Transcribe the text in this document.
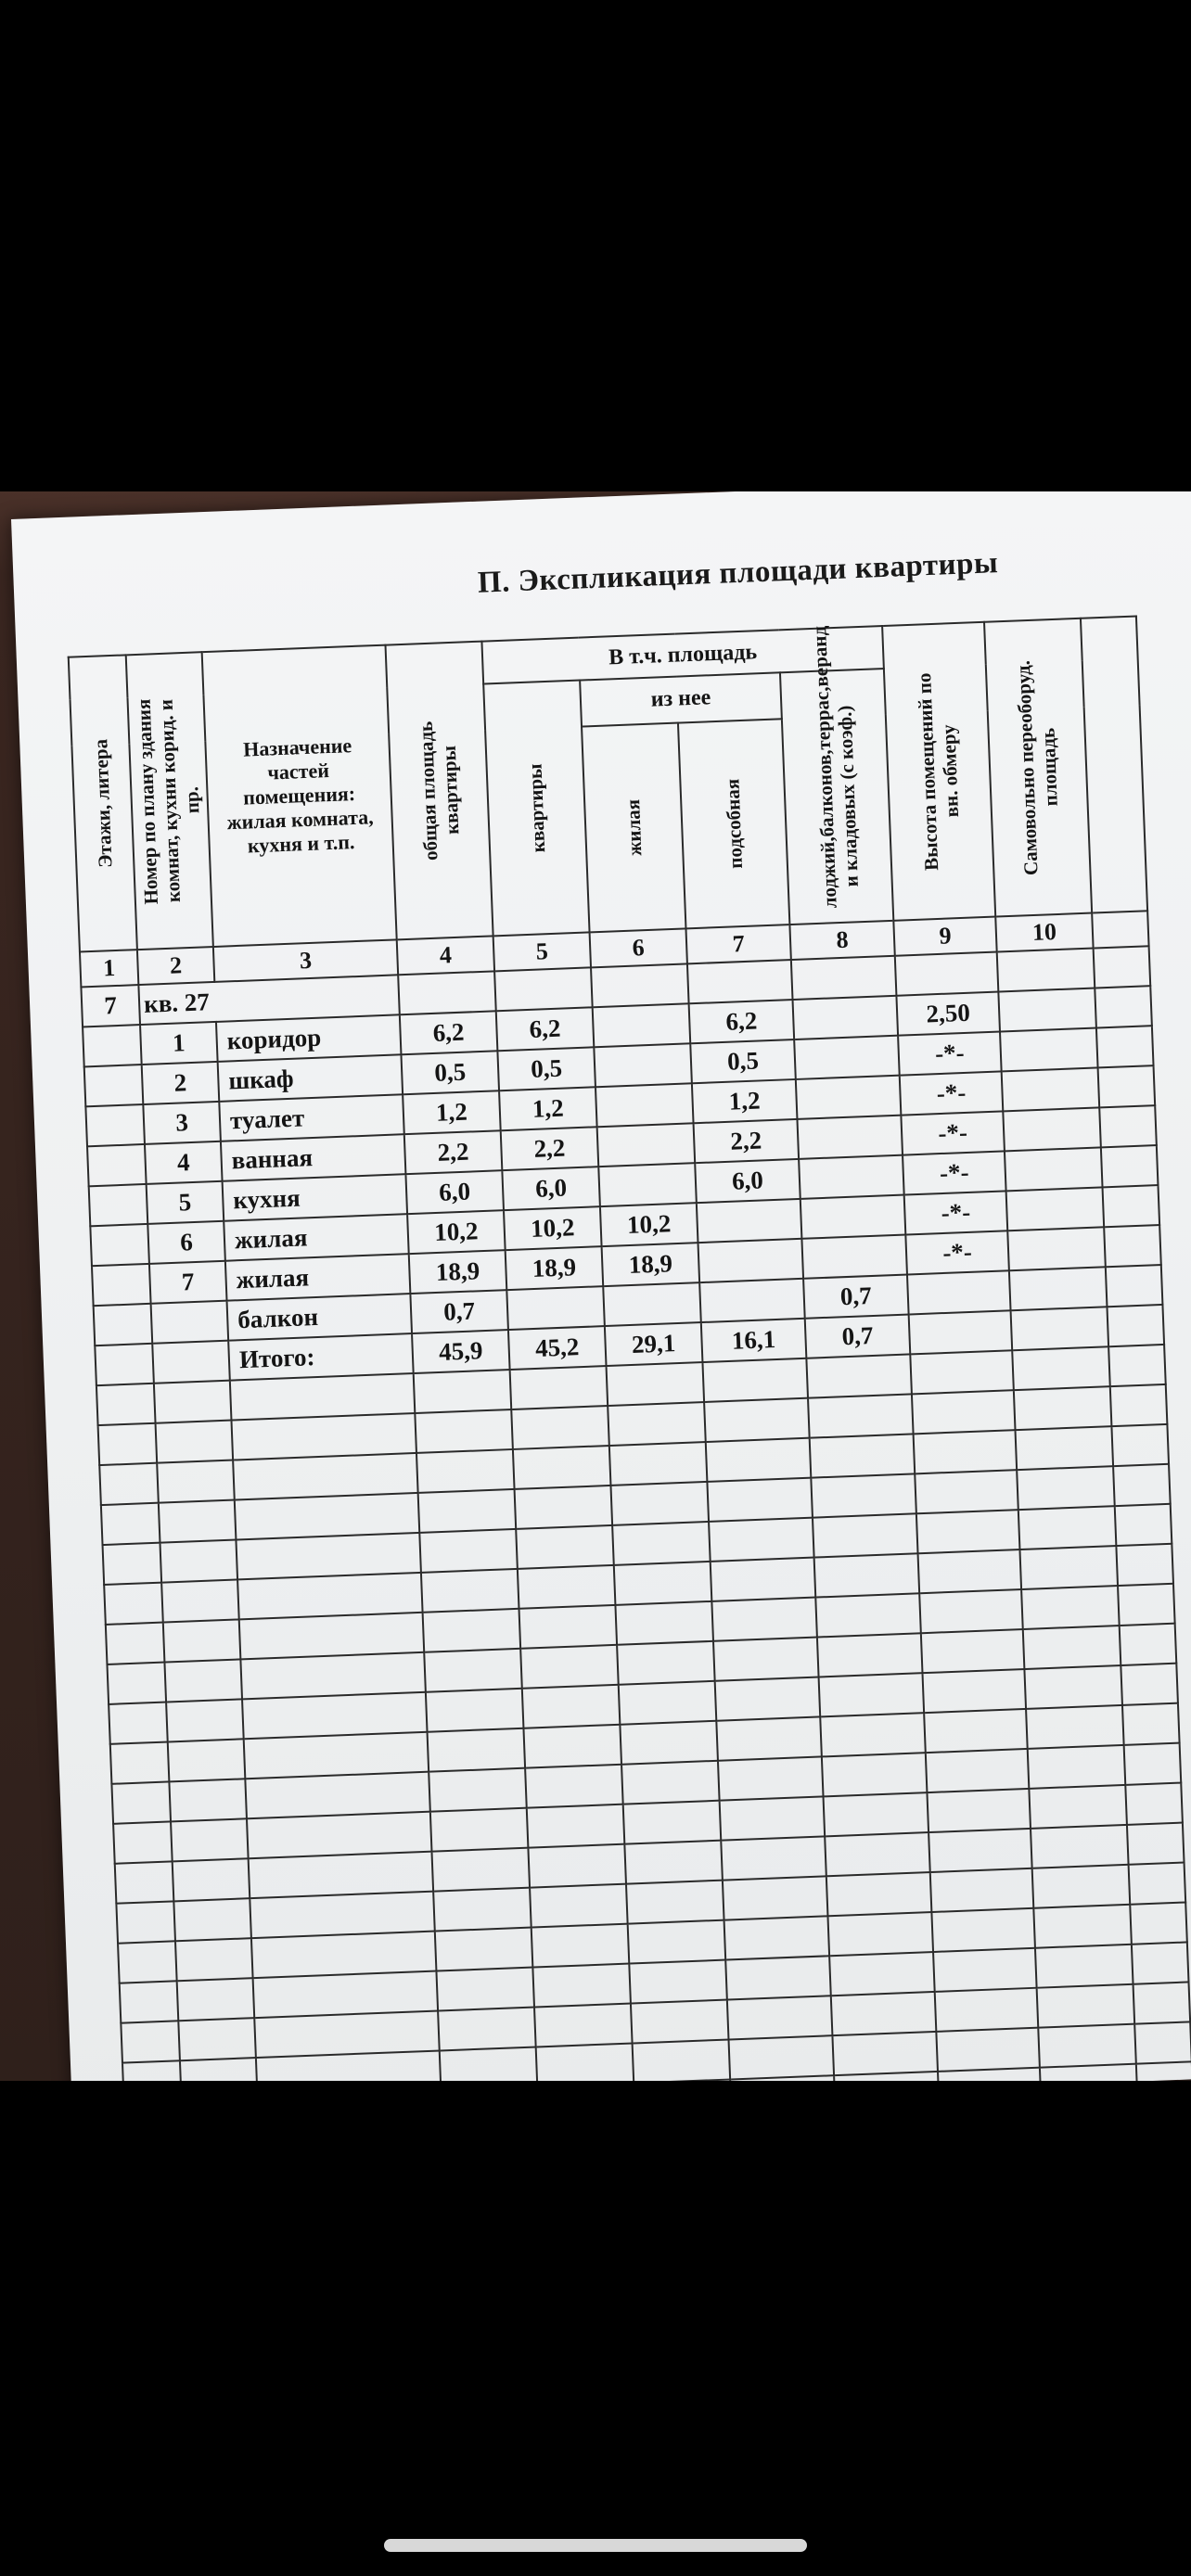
П. Экспликация площади квартиры
Этажи, литера	Номер по плану здания комнат, кухни корид. и пр.	Назначение частей помещения: жилая комната, кухня и т.п.	общая площадь квартиры	В т.ч. площадь				Высота помещений по вн. обмеру	Самовольно переоборуд. площадь	

				квартиры	из нее		лоджий,балконов,террас,веранд и кладовых (с коэф.)			

					жилая	подсобная				

1	2	3	4	5	6	7	8	9	10	
7	кв. 27									
	1	коридор	6,2	6,2		6,2		2,50		
	2	шкаф	0,5	0,5		0,5		-*-		
	3	туалет	1,2	1,2		1,2		-*-		
	4	ванная	2,2	2,2		2,2		-*-		
	5	кухня	6,0	6,0		6,0		-*-		
	6	жилая	10,2	10,2	10,2			-*-		
	7	жилая	18,9	18,9	18,9			-*-		
		балкон	0,7				0,7			
		Итого:	45,9	45,2	29,1	16,1	0,7			
